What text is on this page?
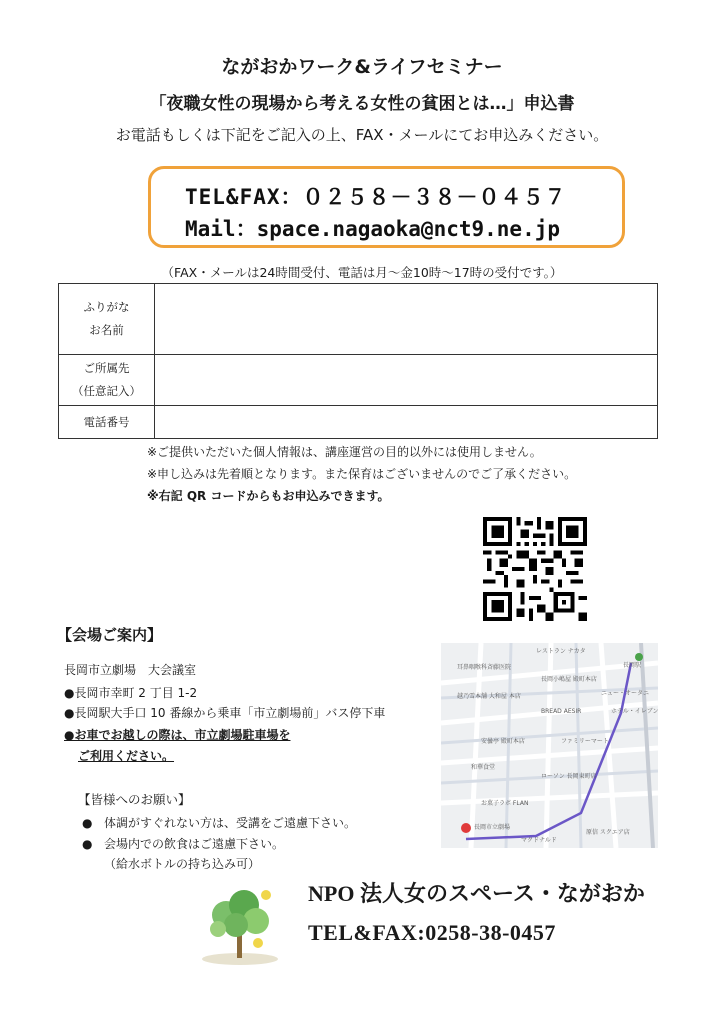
ながおかワーク&ライフセミナー
「夜職女性の現場から考える女性の貧困とは…」申込書
お電話もしくは下記をご記入の上、FAX・メールにてお申込みください。
TEL&FAX：０２５８－３８－０４５７
Mail：space.nagaoka@nct9.ne.jp
（FAX・メールは24時間受付、電話は月～金10時～17時の受付です。）
ふりがな
お名前
ご所属先
（任意記入）
電話番号
※ご提供いただいた個人情報は、講座運営の目的以外には使用しません。
※申し込みは先着順となります。また保育はございませんのでご了承ください。
※右記 QR コードからもお申込みできます。
【会場ご案内】
長岡市立劇場　大会議室
●長岡市幸町 2 丁目 1-2
●長岡駅大手口 10 番線から乗車「市立劇場前」バス停下車
●お車でお越しの際は、市立劇場駐車場を
ご利用ください。
【皆様へのお願い】
● 体調がすぐれない方は、受講をご遠慮下さい。
● 会場内での飲食はご遠慮下さい。
（給水ボトルの持ち込み可）
レストラン ナカタ
長岡駅
耳鼻咽喉科斉藤医院
長岡小嶋屋 殿町本店
ニュー・オータニ
越乃雪本舗 大和屋 本店
ホテル・イレブン
BREAD AESIR
安曇亭 殿町本店	ファミリーマート
和華食堂
ローソン 長岡東町店
お菓子ラボ FLAN
長岡市立劇場
マクドナルド
原信 スクエア店
NPO 法人女のスペース・ながおか
TEL&FAX:0258-38-0457
